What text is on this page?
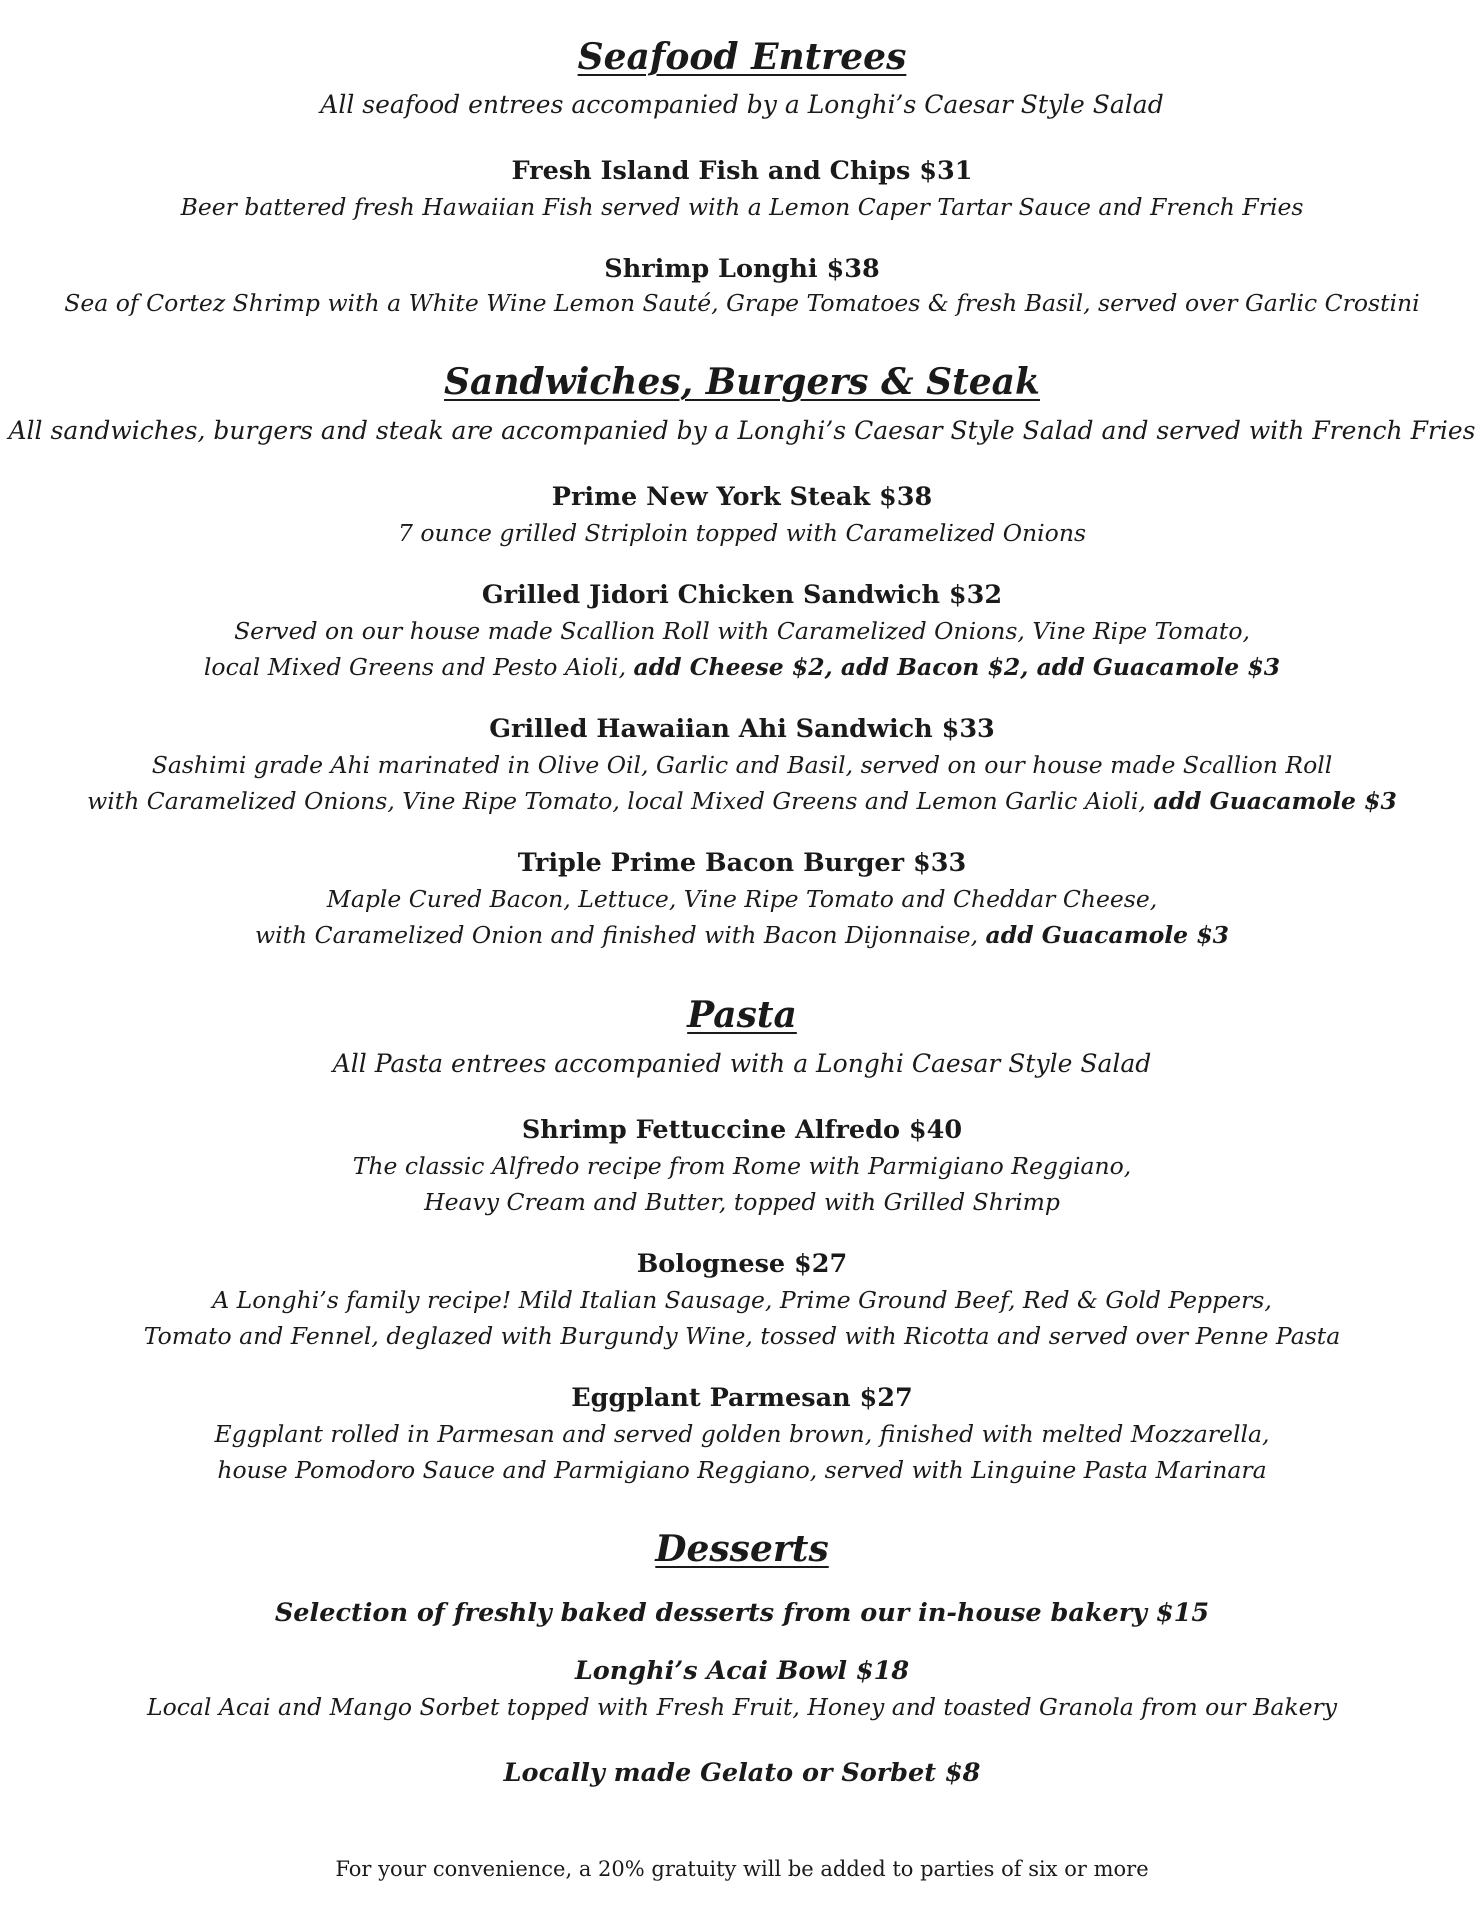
Seafood Entrees
All seafood entrees accompanied by a Longhi’s Caesar Style Salad
Fresh Island Fish and Chips $31
Beer battered fresh Hawaiian Fish served with a Lemon Caper Tartar Sauce and French Fries
Shrimp Longhi $38
Sea of Cortez Shrimp with a White Wine Lemon Sauté, Grape Tomatoes & fresh Basil, served over Garlic Crostini
Sandwiches, Burgers & Steak
All sandwiches, burgers and steak are accompanied by a Longhi’s Caesar Style Salad and served with French Fries
Prime New York Steak $38
7 ounce grilled Striploin topped with Caramelized Onions
Grilled Jidori Chicken Sandwich $32
Served on our house made Scallion Roll with Caramelized Onions, Vine Ripe Tomato,
local Mixed Greens and Pesto Aioli, add Cheese $2, add Bacon $2, add Guacamole $3
Grilled Hawaiian Ahi Sandwich $33
Sashimi grade Ahi marinated in Olive Oil, Garlic and Basil, served on our house made Scallion Roll
with Caramelized Onions, Vine Ripe Tomato, local Mixed Greens and Lemon Garlic Aioli, add Guacamole $3
Triple Prime Bacon Burger $33
Maple Cured Bacon, Lettuce, Vine Ripe Tomato and Cheddar Cheese,
with Caramelized Onion and finished with Bacon Dijonnaise, add Guacamole $3
Pasta
All Pasta entrees accompanied with a Longhi Caesar Style Salad
Shrimp Fettuccine Alfredo $40
The classic Alfredo recipe from Rome with Parmigiano Reggiano,
Heavy Cream and Butter, topped with Grilled Shrimp
Bolognese $27
A Longhi’s family recipe! Mild Italian Sausage, Prime Ground Beef, Red & Gold Peppers,
Tomato and Fennel, deglazed with Burgundy Wine, tossed with Ricotta and served over Penne Pasta
Eggplant Parmesan $27
Eggplant rolled in Parmesan and served golden brown, finished with melted Mozzarella,
house Pomodoro Sauce and Parmigiano Reggiano, served with Linguine Pasta Marinara
Desserts
Selection of freshly baked desserts from our in-house bakery $15
Longhi’s Acai Bowl $18
Local Acai and Mango Sorbet topped with Fresh Fruit, Honey and toasted Granola from our Bakery
Locally made Gelato or Sorbet $8
For your convenience, a 20% gratuity will be added to parties of six or more
